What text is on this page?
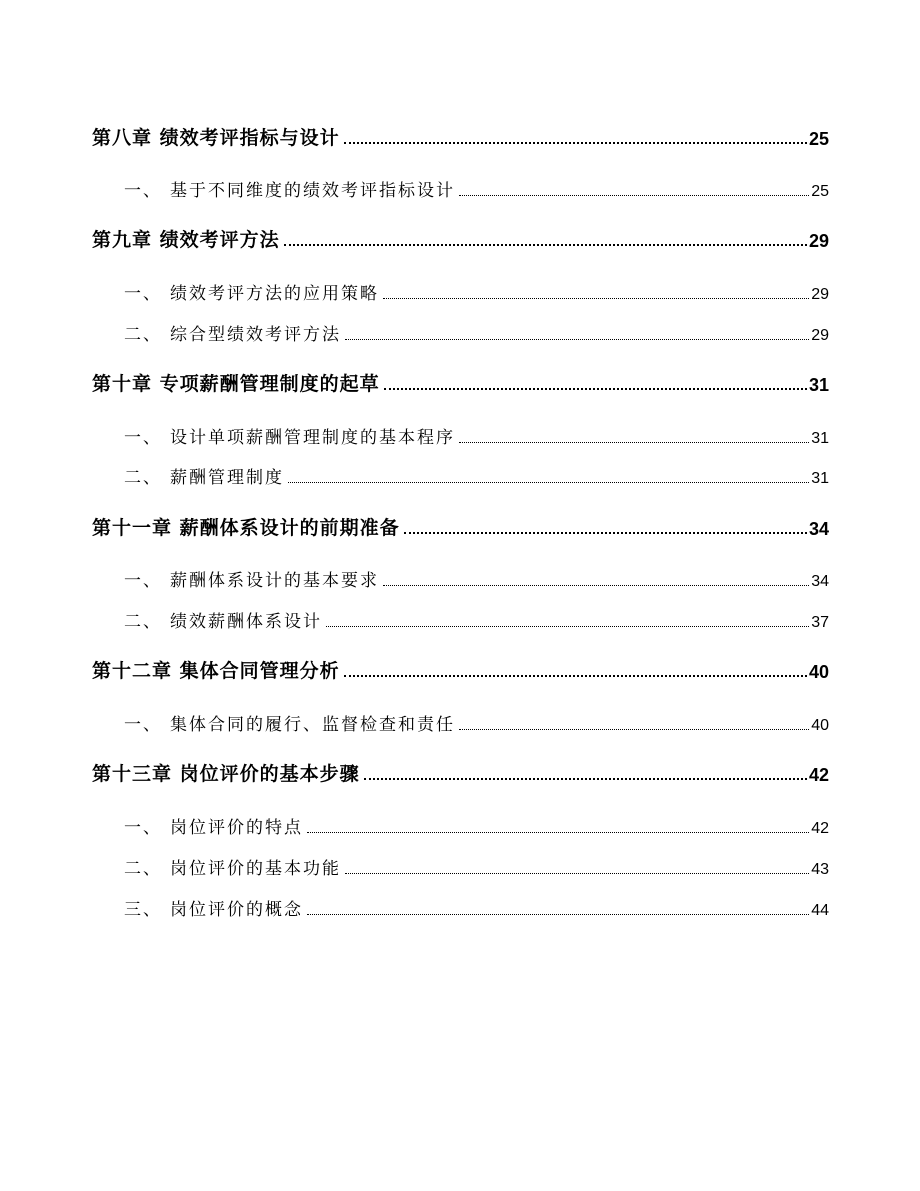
第八章 绩效考评指标与设计	25
一、 基于不同维度的绩效考评指标设计	25
第九章 绩效考评方法	29
一、 绩效考评方法的应用策略	29
二、 综合型绩效考评方法	29
第十章 专项薪酬管理制度的起草	31
一、 设计单项薪酬管理制度的基本程序	31
二、 薪酬管理制度	31
第十一章 薪酬体系设计的前期准备	34
一、 薪酬体系设计的基本要求	34
二、 绩效薪酬体系设计	37
第十二章 集体合同管理分析	40
一、 集体合同的履行、监督检查和责任	40
第十三章 岗位评价的基本步骤	42
一、 岗位评价的特点	42
二、 岗位评价的基本功能	43
三、 岗位评价的概念	44
